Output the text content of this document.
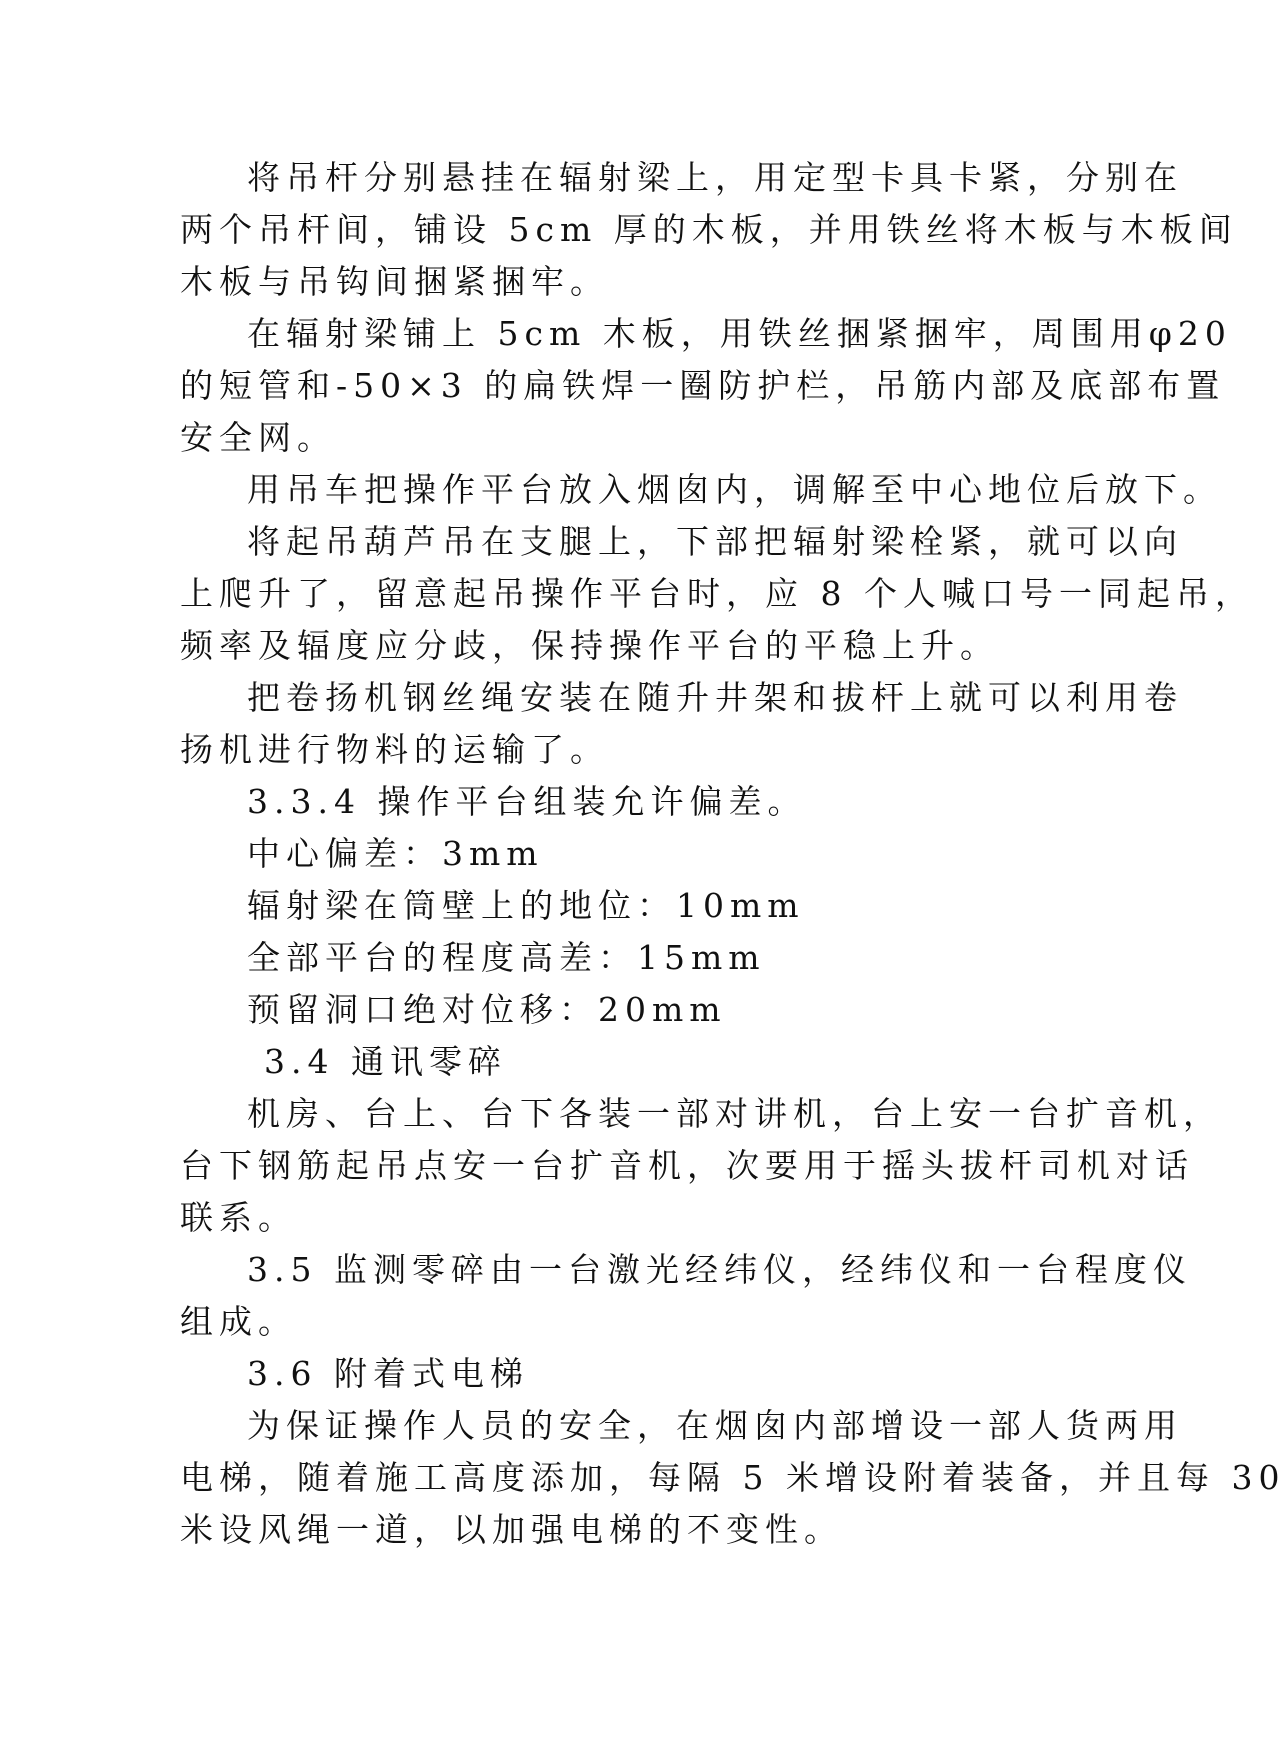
将吊杆分别悬挂在辐射梁上，用定型卡具卡紧，分别在
两个吊杆间，铺设 5cm 厚的木板，并用铁丝将木板与木板间
木板与吊钩间捆紧捆牢。
在辐射梁铺上 5cm 木板，用铁丝捆紧捆牢，周围用φ20
的短管和-50×3 的扁铁焊一圈防护栏，吊筋内部及底部布置
安全网。
用吊车把操作平台放入烟囱内，调解至中心地位后放下。
将起吊葫芦吊在支腿上，下部把辐射梁栓紧，就可以向
上爬升了，留意起吊操作平台时，应 8 个人喊口号一同起吊，
频率及辐度应分歧，保持操作平台的平稳上升。
把卷扬机钢丝绳安装在随升井架和拔杆上就可以利用卷
扬机进行物料的运输了。
3.3.4 操作平台组装允许偏差。
中心偏差：3mm
辐射梁在筒壁上的地位：10mm
全部平台的程度高差：15mm
预留洞口绝对位移：20mm
3.4 通讯零碎
机房、台上、台下各装一部对讲机，台上安一台扩音机，
台下钢筋起吊点安一台扩音机，次要用于摇头拔杆司机对话
联系。
3.5 监测零碎由一台激光经纬仪，经纬仪和一台程度仪
组成。
3.6 附着式电梯
为保证操作人员的安全，在烟囱内部增设一部人货两用
电梯，随着施工高度添加，每隔 5 米增设附着装备，并且每 30
米设风绳一道，以加强电梯的不变性。
